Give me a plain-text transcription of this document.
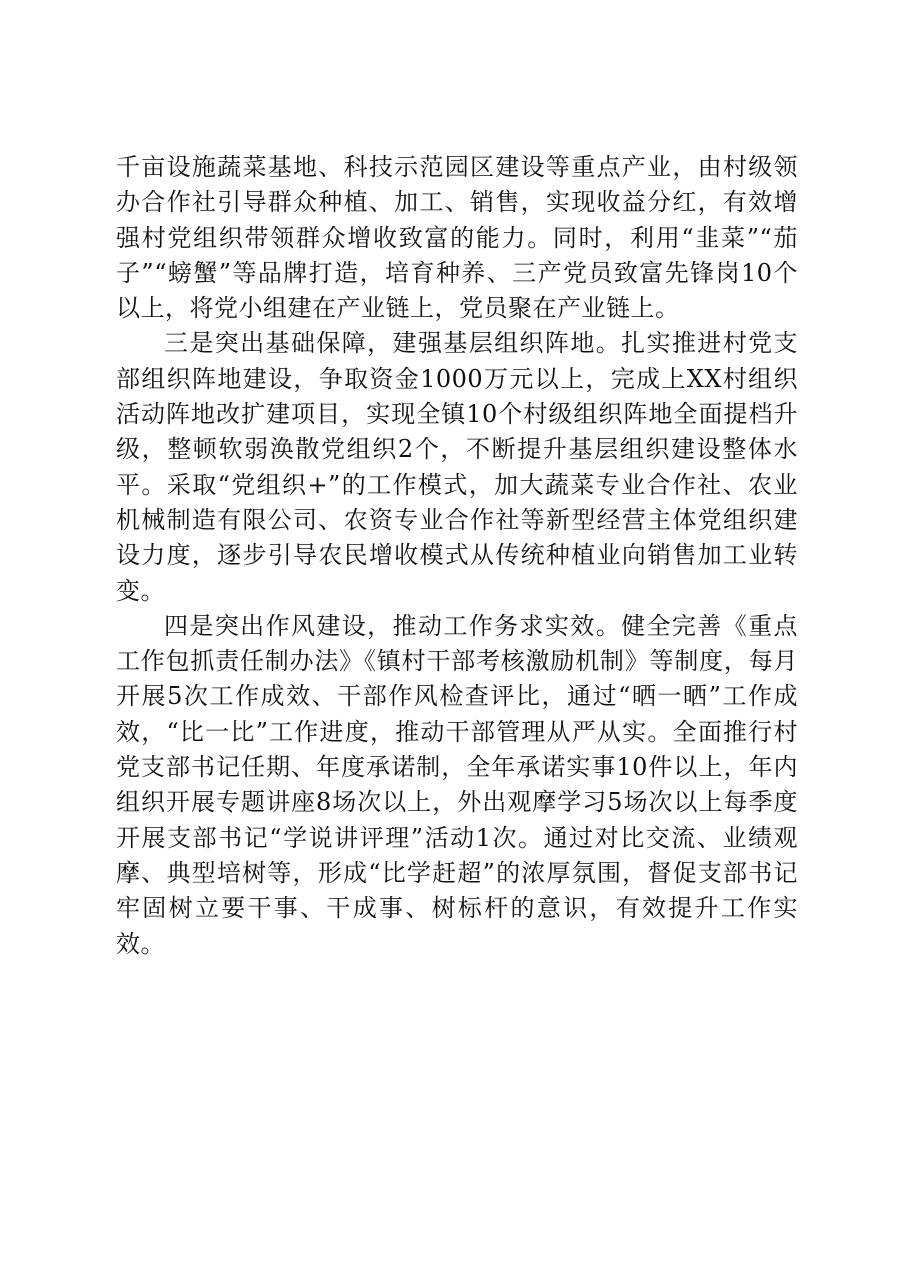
千亩设施蔬菜基地、科技示范园区建设等重点产业，由村级领办合作社引导群众种植、加工、销售，实现收益分红，有效增强村党组织带领群众增收致富的能力。同时，利用“韭菜”“茄子”“螃蟹”等品牌打造，培育种养、三产党员致富先锋岗10个以上，将党小组建在产业链上，党员聚在产业链上。

三是突出基础保障，建强基层组织阵地。扎实推进村党支部组织阵地建设，争取资金1000万元以上，完成上XX村组织活动阵地改扩建项目，实现全镇10个村级组织阵地全面提档升级，整顿软弱涣散党组织2个，不断提升基层组织建设整体水平。采取“党组织+”的工作模式，加大蔬菜专业合作社、农业机械制造有限公司、农资专业合作社等新型经营主体党组织建设力度，逐步引导农民增收模式从传统种植业向销售加工业转变。

四是突出作风建设，推动工作务求实效。健全完善《重点工作包抓责任制办法》《镇村干部考核激励机制》等制度，每月开展5次工作成效、干部作风检查评比，通过“晒一晒”工作成效，“比一比”工作进度，推动干部管理从严从实。全面推行村党支部书记任期、年度承诺制，全年承诺实事10件以上，年内组织开展专题讲座8场次以上，外出观摩学习5场次以上每季度开展支部书记“学说讲评理”活动1次。通过对比交流、业绩观摩、典型培树等，形成“比学赶超”的浓厚氛围，督促支部书记牢固树立要干事、干成事、树标杆的意识，有效提升工作实效。
